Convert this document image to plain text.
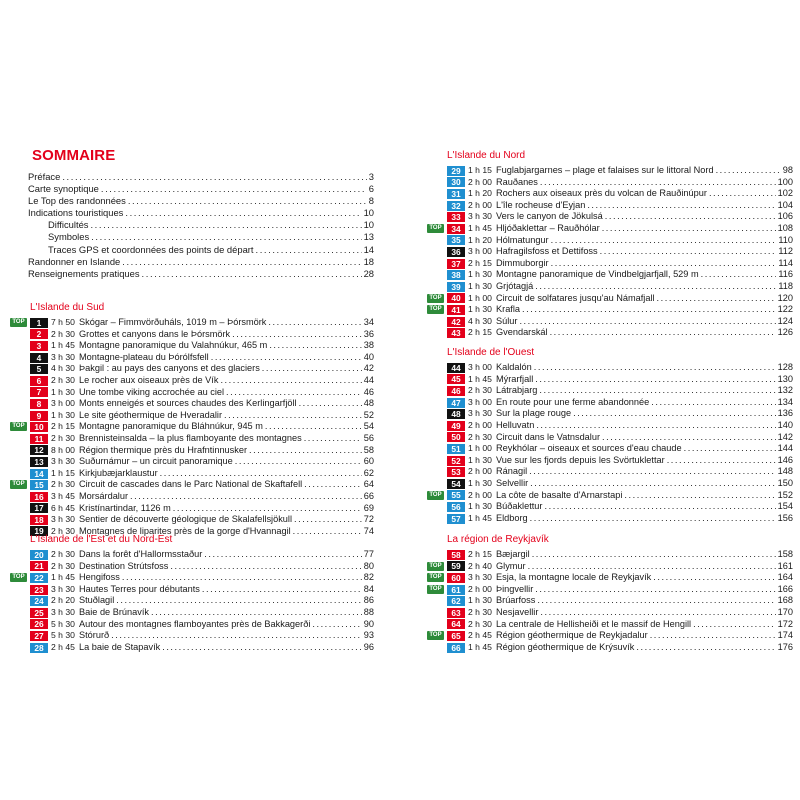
SOMMAIRE
Préface . . .	3
Carte synoptique . . .	6
Le Top des randonnées . . .	8
Indications touristiques . . .	10
Difficultés . . .	10
Symboles . . .	13
Traces GPS et coordonnées des points de départ . . .	14
Randonner en Islande . . .	18
Renseignements pratiques . . .	28
L'Islande du Sud
TOP	1	7 h 50 Skógar – Fimmvörðuháls, 1019 m – Þórsmörk . . .	34
2	2 h 30 Grottes et canyons dans le Þórsmörk . . .	36
3	1 h 45 Montagne panoramique du Valahnúkur, 465 m . . .	38
4	3 h 30 Montagne-plateau du Þórólfsfell . . .	40
5	4 h 30 Þakgil : au pays des canyons et des glaciers . . .	42
6	2 h 30 Le rocher aux oiseaux près de Vík . . .	44
7	1 h 30 Une tombe viking accrochée au ciel . . .	46
8	3 h 00 Monts enneigés et sources chaudes des Kerlingarfjöll . . .	48
9	1 h 30 Le site géothermique de Hveradalir . . .	52
TOP	10 2 h 15 Montagne panoramique du Bláhnúkur, 945 m . . .	54
11 2 h 30 Brennisteinsalda – la plus flamboyante des montagnes . . .	56
12 8 h 00 Région thermique près du Hrafntinnusker . . .	58
13 3 h 30 Suðurnámur – un circuit panoramique . . .	60
14 1 h 15 Kirkjubæjarklaustur . . .	62
TOP	15 2 h 30 Circuit de cascades dans le Parc National de Skaftafell . . .	64
16 3 h 45 Morsárdalur . . .	66
17 6 h 45 Kristínartindar, 1126 m . . .	69
18 3 h 30 Sentier de découverte géologique de Skalafellsjökull . . .	72
19 2 h 30 Montagnes de liparites près de la gorge d'Hvannagil . . .	74
L'Islande de l'Est et du Nord-Est
20 2 h 30 Dans la forêt d'Hallormsstaður . . .	77
21 2 h 30 Destination Strútsfoss . . .	80
TOP	22 1 h 45 Hengifoss . . .	82
23 3 h 30 Hautes Terres pour débutants . . .	84
24 2 h 20 Stuðlagil . . .	86
25 3 h 30 Baie de Brúnavík . . .	88
26 5 h 30 Autour des montagnes flamboyantes près de Bakkagerði . . .	90
27 5 h 30 Stórurð . . .	93
28 2 h 45 La baie de Stapavík . . .	96
L'Islande du Nord
29 1 h 15 Fuglabjargarnes – plage et falaises sur le littoral Nord . . .	98
30 2 h 00 Rauðanes . . .	100
31 1 h 20 Rochers aux oiseaux près du volcan de Rauðinúpur . . .	102
32 2 h 00 L'île rocheuse d'Eyjan . . .	104
33 3 h 30 Vers le canyon de Jökulsá . . .	106
TOP	34 1 h 45 Hljóðaklettar – Rauðhólar . . .	108
35 1 h 20 Hólmatungur . . .	110
36 3 h 00 Hafragilsfoss et Dettifoss . . .	112
37 2 h 15 Dimmuborgir . . .	114
38 1 h 30 Montagne panoramique de Vindbelgjarfjall, 529 m . . .	116
39 1 h 30 Grjótagjá . . .	118
TOP	40 1 h 00 Circuit de solfatares jusqu'au Námafjall . . .	120
TOP	41 1 h 30 Krafla . . .	122
42 4 h 30 Súlur . . .	124
43 2 h 15 Gvendarskál . . .	126
L'Islande de l'Ouest
44 3 h 00 Kaldalón . . .	128
45 1 h 45 Mýrarfjall . . .	130
46 2 h 30 Látrabjarg . . .	132
47 3 h 00 En route pour une ferme abandonnée . . .	134
48 3 h 30 Sur la plage rouge . . .	136
49 2 h 00 Helluvatn . . .	140
50 2 h 30 Circuit dans le Vatnsdalur . . .	142
51 1 h 00 Reykhólar – oiseaux et sources d'eau chaude . . .	144
52 1 h 30 Vue sur les fjords depuis les Svörtuklettar . . .	146
53 2 h 00 Ránagil . . .	148
54 1 h 30 Selvellir . . .	150
TOP	55 2 h 00 La côte de basalte d'Arnarstapi . . .	152
56 1 h 30 Búðaklettur . . .	154
57 1 h 45 Eldborg . . .	156
La région de Reykjavík
58 2 h 15 Bæjargil . . .	158
TOP	59 2 h 40 Glymur . . .	161
TOP	60 3 h 30 Esja, la montagne locale de Reykjavík . . .	164
TOP	61 2 h 00 Þingvellir . . .	166
62 1 h 30 Brúarfoss . . .	168
63 2 h 30 Nesjavellir . . .	170
64 2 h 30 La centrale de Hellisheiði et le massif de Hengill . . .	172
TOP	65 2 h 45 Région géothermique de Reykjadalur . . .	174
66 1 h 45 Région géothermique de Krýsuvík . . .	176
